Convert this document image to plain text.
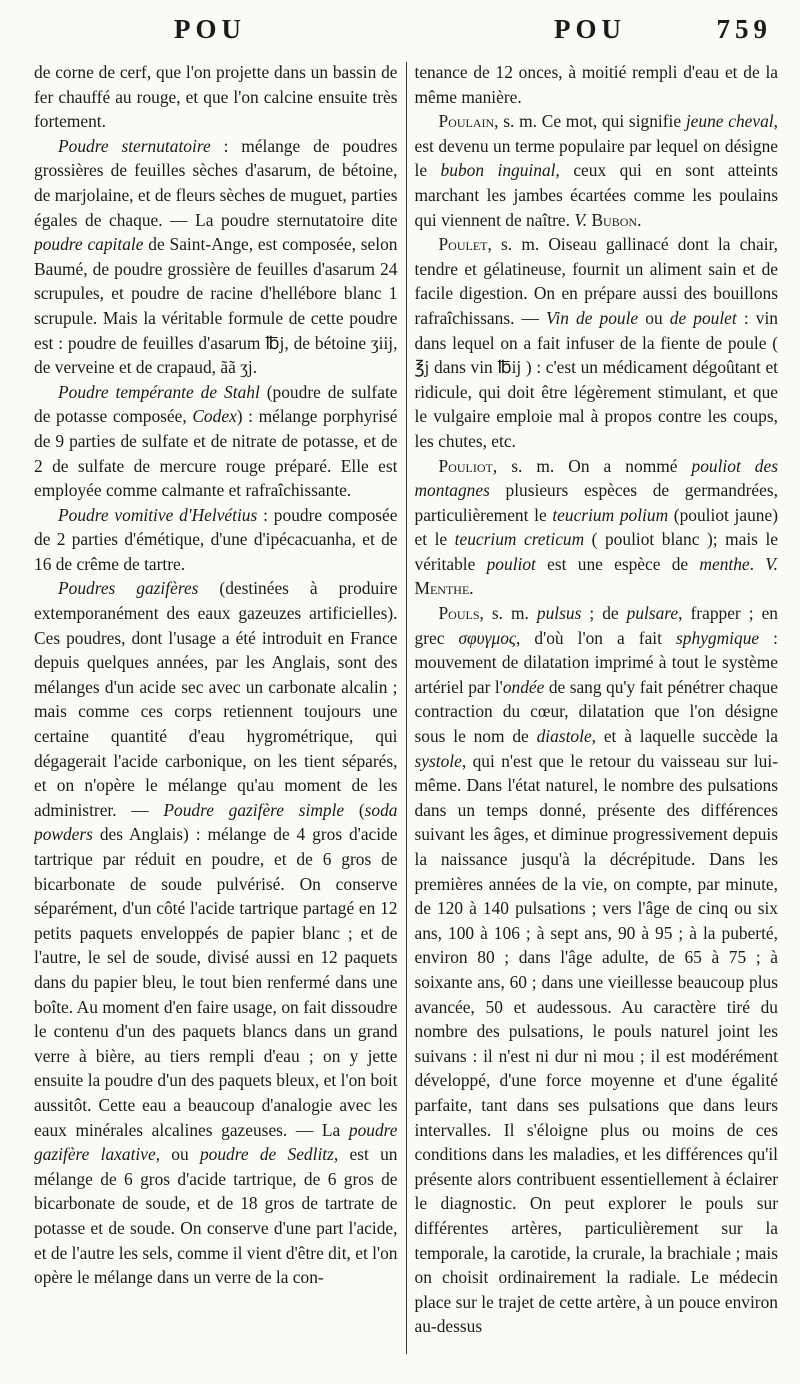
POU	POU	759

de corne de cerf, que l'on projette dans un bassin de fer chauffé au rouge, et que l'on calcine ensuite très fortement.

Poudre sternutatoire : mélange de poudres grossières de feuilles sèches d'asarum, de bétoine, de marjolaine, et de fleurs sèches de muguet, parties égales de chaque. — La poudre sternutatoire dite poudre capitale de Saint-Ange, est composée, selon Baumé, de poudre grossière de feuilles d'asarum 24 scrupules, et poudre de racine d'hellébore blanc 1 scrupule. Mais la véritable formule de cette poudre est : poudre de feuilles d'asarum ℔j, de bétoine ʒiij, de verveine et de crapaud, ãã ʒj.

Poudre tempérante de Stahl (poudre de sulfate de potasse composée, Codex) : mélange porphyrisé de 9 parties de sulfate et de nitrate de potasse, et de 2 de sulfate de mercure rouge préparé. Elle est employée comme calmante et rafraîchissante.

Poudre vomitive d'Helvétius : poudre composée de 2 parties d'émétique, d'une d'ipécacuanha, et de 16 de crême de tartre.

Poudres gazifères (destinées à produire extemporanément des eaux gazeuzes artificielles). Ces poudres, dont l'usage a été introduit en France depuis quelques années, par les Anglais, sont des mélanges d'un acide sec avec un carbonate alcalin ; mais comme ces corps retiennent toujours une certaine quantité d'eau hygrométrique, qui dégagerait l'acide carbonique, on les tient séparés, et on n'opère le mélange qu'au moment de les administrer. — Poudre gazifère simple (soda powders des Anglais) : mélange de 4 gros d'acide tartrique par réduit en poudre, et de 6 gros de bicarbonate de soude pulvérisé. On conserve séparément, d'un côté l'acide tartrique partagé en 12 petits paquets enveloppés de papier blanc ; et de l'autre, le sel de soude, divisé aussi en 12 paquets dans du papier bleu, le tout bien renfermé dans une boîte. Au moment d'en faire usage, on fait dissoudre le contenu d'un des paquets blancs dans un grand verre à bière, au tiers rempli d'eau ; on y jette ensuite la poudre d'un des paquets bleux, et l'on boit aussitôt. Cette eau a beaucoup d'analogie avec les eaux minérales alcalines gazeuses. — La poudre gazifère laxative, ou poudre de Sedlitz, est un mélange de 6 gros d'acide tartrique, de 6 gros de bicarbonate de soude, et de 18 gros de tartrate de potasse et de soude. On conserve d'une part l'acide, et de l'autre les sels, comme il vient d'être dit, et l'on opère le mélange dans un verre de la con-

tenance de 12 onces, à moitié rempli d'eau et de la même manière.

Poulain, s. m. Ce mot, qui signifie jeune cheval, est devenu un terme populaire par lequel on désigne le bubon inguinal, ceux qui en sont atteints marchant les jambes écartées comme les poulains qui viennent de naître. V. Bubon.

Poulet, s. m. Oiseau gallinacé dont la chair, tendre et gélatineuse, fournit un aliment sain et de facile digestion. On en prépare aussi des bouillons rafraîchissans. — Vin de poule ou de poulet : vin dans lequel on a fait infuser de la fiente de poule ( ℥j dans vin ℔ij ) : c'est un médicament dégoûtant et ridicule, qui doit être légèrement stimulant, et que le vulgaire emploie mal à propos contre les coups, les chutes, etc.

Pouliot, s. m. On a nommé pouliot des montagnes plusieurs espèces de germandrées, particulièrement le teucrium polium (pouliot jaune) et le teucrium creticum ( pouliot blanc ); mais le véritable pouliot est une espèce de menthe. V. Menthe.

Pouls, s. m. pulsus ; de pulsare, frapper ; en grec σφυγμος, d'où l'on a fait sphygmique : mouvement de dilatation imprimé à tout le système artériel par l'ondée de sang qu'y fait pénétrer chaque contraction du cœur, dilatation que l'on désigne sous le nom de diastole, et à laquelle succède la systole, qui n'est que le retour du vaisseau sur lui-même. Dans l'état naturel, le nombre des pulsations dans un temps donné, présente des différences suivant les âges, et diminue progressivement depuis la naissance jusqu'à la décrépitude. Dans les premières années de la vie, on compte, par minute, de 120 à 140 pulsations ; vers l'âge de cinq ou six ans, 100 à 106 ; à sept ans, 90 à 95 ; à la puberté, environ 80 ; dans l'âge adulte, de 65 à 75 ; à soixante ans, 60 ; dans une vieillesse beaucoup plus avancée, 50 et audessous. Au caractère tiré du nombre des pulsations, le pouls naturel joint les suivans : il n'est ni dur ni mou ; il est modérément développé, d'une force moyenne et d'une égalité parfaite, tant dans ses pulsations que dans leurs intervalles. Il s'éloigne plus ou moins de ces conditions dans les maladies, et les différences qu'il présente alors contribuent essentiellement à éclairer le diagnostic. On peut explorer le pouls sur différentes artères, particulièrement sur la temporale, la carotide, la crurale, la brachiale ; mais on choisit ordinairement la radiale. Le médecin place sur le trajet de cette artère, à un pouce environ au-dessus
